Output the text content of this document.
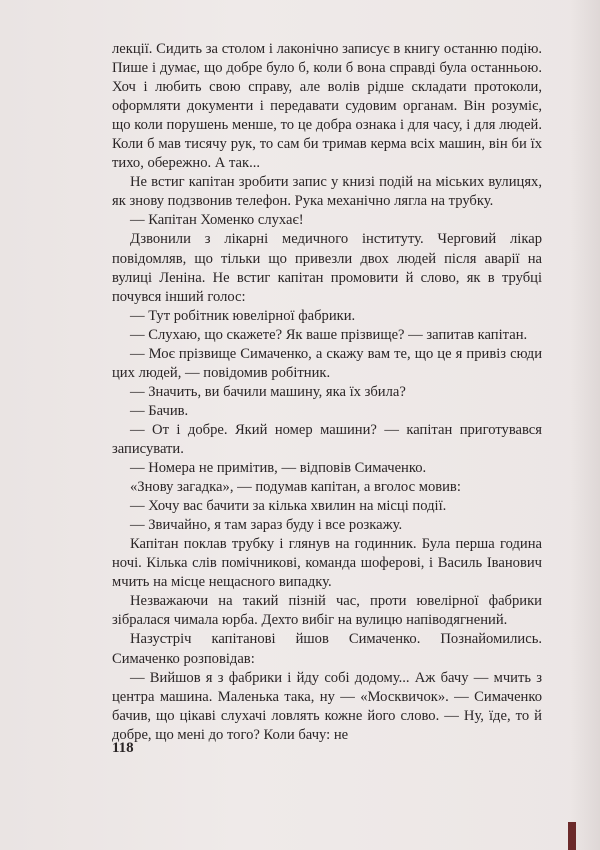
лекції. Сидить за столом і лаконічно записує в книгу останню подію. Пише і думає, що добре було б, коли б вона справді була останньою. Хоч і любить свою справу, але волів рідше складати протоколи, оформляти документи і передавати судовим органам. Він розуміє, що коли порушень менше, то це добра ознака і для часу, і для людей. Коли б мав тисячу рук, то сам би тримав керма всіх машин, він би їх тихо, обережно. А так...

Не встиг капітан зробити запис у книзі подій на міських вулицях, як знову подзвонив телефон. Рука механічно лягла на трубку.

— Капітан Хоменко слухає!

Дзвонили з лікарні медичного інституту. Черговий лікар повідомляв, що тільки що привезли двох людей після аварії на вулиці Леніна. Не встиг капітан промовити й слово, як в трубці почувся інший голос:

— Тут робітник ювелірної фабрики.

— Слухаю, що скажете? Як ваше прізвище? — запитав капітан.

— Моє прізвище Симаченко, а скажу вам те, що це я привіз сюди цих людей, — повідомив робітник.

— Значить, ви бачили машину, яка їх збила?

— Бачив.

— От і добре. Який номер машини? — капітан приготувався записувати.

— Номера не примітив, — відповів Симаченко.

«Знову загадка», — подумав капітан, а вголос мовив:

— Хочу вас бачити за кілька хвилин на місці події.

— Звичайно, я там зараз буду і все розкажу.

Капітан поклав трубку і глянув на годинник. Була перша година ночі. Кілька слів помічникові, команда шоферові, і Василь Іванович мчить на місце нещасного випадку.

Незважаючи на такий пізній час, проти ювелірної фабрики зібралася чимала юрба. Дехто вибіг на вулицю напіводягнений.

Назустріч капітанові йшов Симаченко. Познайомились. Симаченко розповідав:

— Вийшов я з фабрики і йду собі додому... Аж бачу — мчить з центра машина. Маленька така, ну — «Москвичок». — Симаченко бачив, що цікаві слухачі ловлять кожне його слово. — Ну, їде, то й добре, що мені до того? Коли бачу: не

118
